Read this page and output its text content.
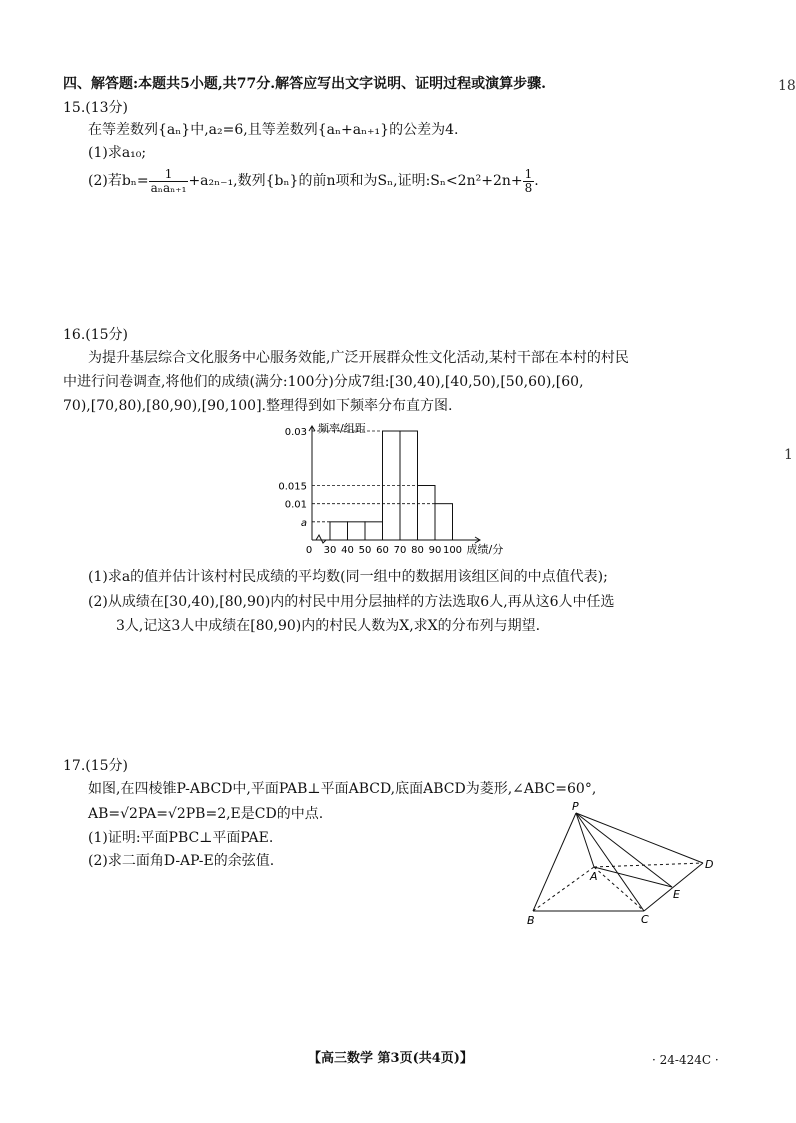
四、解答题:本题共5小题,共77分.解答应写出文字说明、证明过程或演算步骤.	18
1
15.(13分)
在等差数列{aₙ}中,a₂=6,且等差数列{aₙ+aₙ₊₁}的公差为4.
(1)求a₁₀;
(2)若$b_n= \frac{1}{\text{aₙaₙ₊₁}} +a_{2n-1}$,数列{bₙ}的前n项和为Sₙ,证明:Sₙ<2n²+2n+ $\frac{1}{8}$ .
16.(15分)
为提升基层综合文化服务中心服务效能,广泛开展群众性文化活动,某村干部在本村的村民
中进行问卷调查,将他们的成绩(满分:100分)分成7组:[30,40),[40,50),[50,60),[60,
70),[70,80),[80,90),[90,100].整理得到如下频率分布直方图.
0.03
0.015
0.01
a
30 40 50 60 70 80 90 100
0
频率/组距
成绩/分
(1)求a的值并估计该村村民成绩的平均数(同一组中的数据用该组区间的中点值代表);
(2)从成绩在[30,40),[80,90)内的村民中用分层抽样的方法选取6人,再从这6人中任选
3人,记这3人中成绩在[80,90)内的村民人数为X,求X的分布列与期望.
17.(15分)
如图,在四棱锥P-ABCD中,平面PAB⊥平面ABCD,底面ABCD为菱形,∠ABC=60°,
AB=√2PA=√2PB=2,E是CD的中点.
(1)证明:平面PBC⊥平面PAE.
(2)求二面角D-AP-E的余弦值.
P
A
B	C
D
E
【高三数学 第3页(共4页)】	· 24-424C ·
